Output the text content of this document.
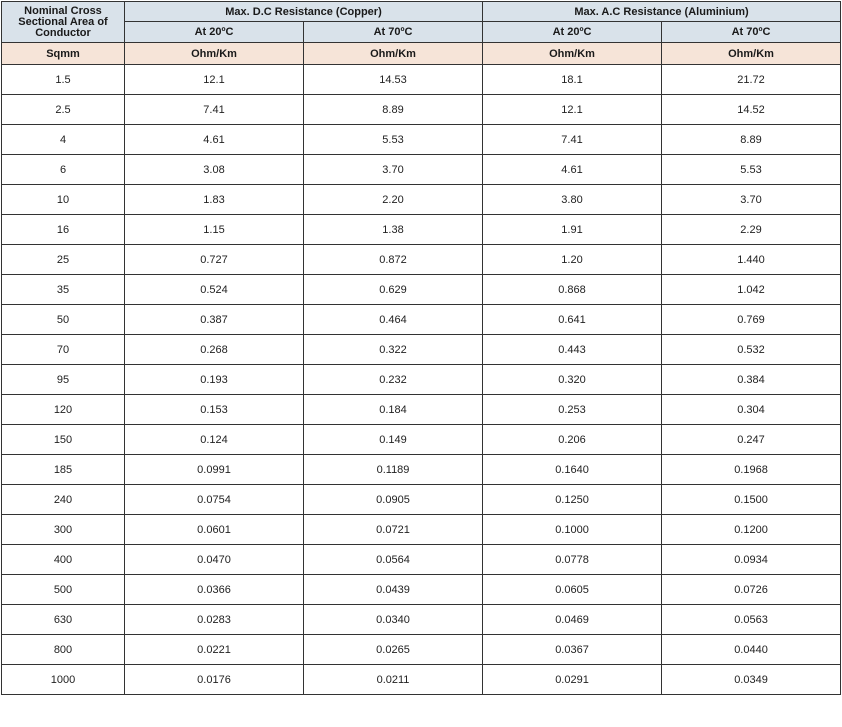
Nominal Cross Sectional Area of Conductor	Max. D.C Resistance (Copper)		Max. A.C Resistance (Aluminium)	
	At 20ºC	At 70ºC	At 20ºC	At 70ºC
Sqmm	Ohm/Km	Ohm/Km	Ohm/Km	Ohm/Km
1.5	12.1	14.53	18.1	21.72
2.5	7.41	8.89	12.1	14.52
4	4.61	5.53	7.41	8.89
6	3.08	3.70	4.61	5.53
10	1.83	2.20	3.80	3.70
16	1.15	1.38	1.91	2.29
25	0.727	0.872	1.20	1.440
35	0.524	0.629	0.868	1.042
50	0.387	0.464	0.641	0.769
70	0.268	0.322	0.443	0.532
95	0.193	0.232	0.320	0.384
120	0.153	0.184	0.253	0.304
150	0.124	0.149	0.206	0.247
185	0.0991	0.1189	0.1640	0.1968
240	0.0754	0.0905	0.1250	0.1500
300	0.0601	0.0721	0.1000	0.1200
400	0.0470	0.0564	0.0778	0.0934
500	0.0366	0.0439	0.0605	0.0726
630	0.0283	0.0340	0.0469	0.0563
800	0.0221	0.0265	0.0367	0.0440
1000	0.0176	0.0211	0.0291	0.0349
